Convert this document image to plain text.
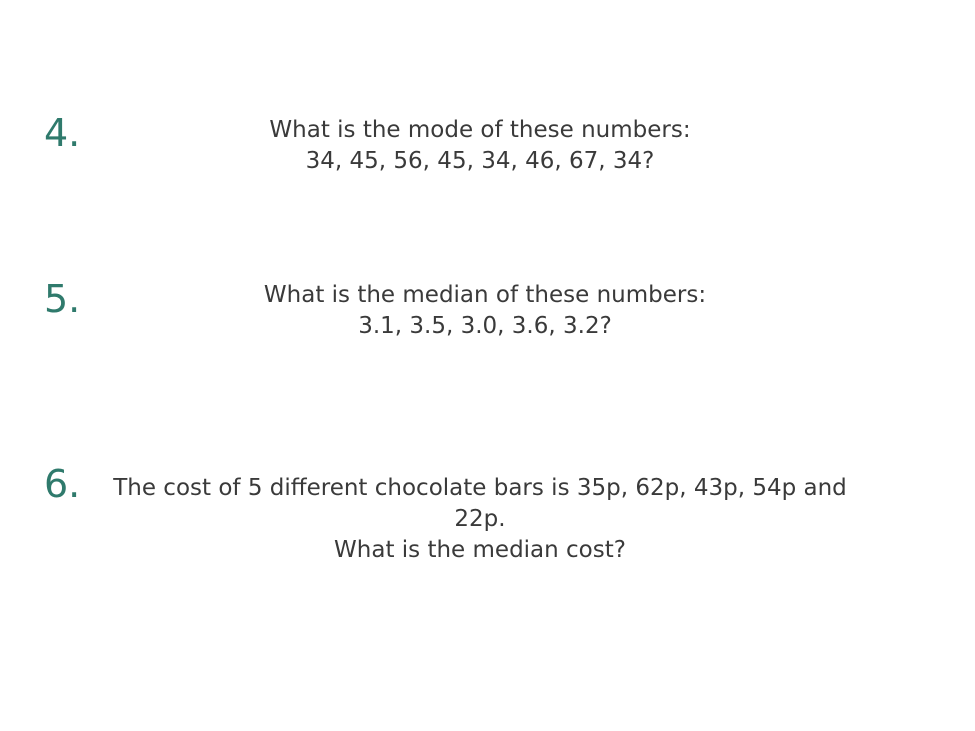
4.	What is the mode of these numbers:
34, 45, 56, 45, 34, 46, 67, 34?
5.	What is the median of these numbers:
3.1, 3.5, 3.0, 3.6, 3.2?
6. The cost of 5 different chocolate bars is 35p, 62p, 43p, 54p and
22p.
What is the median cost?
